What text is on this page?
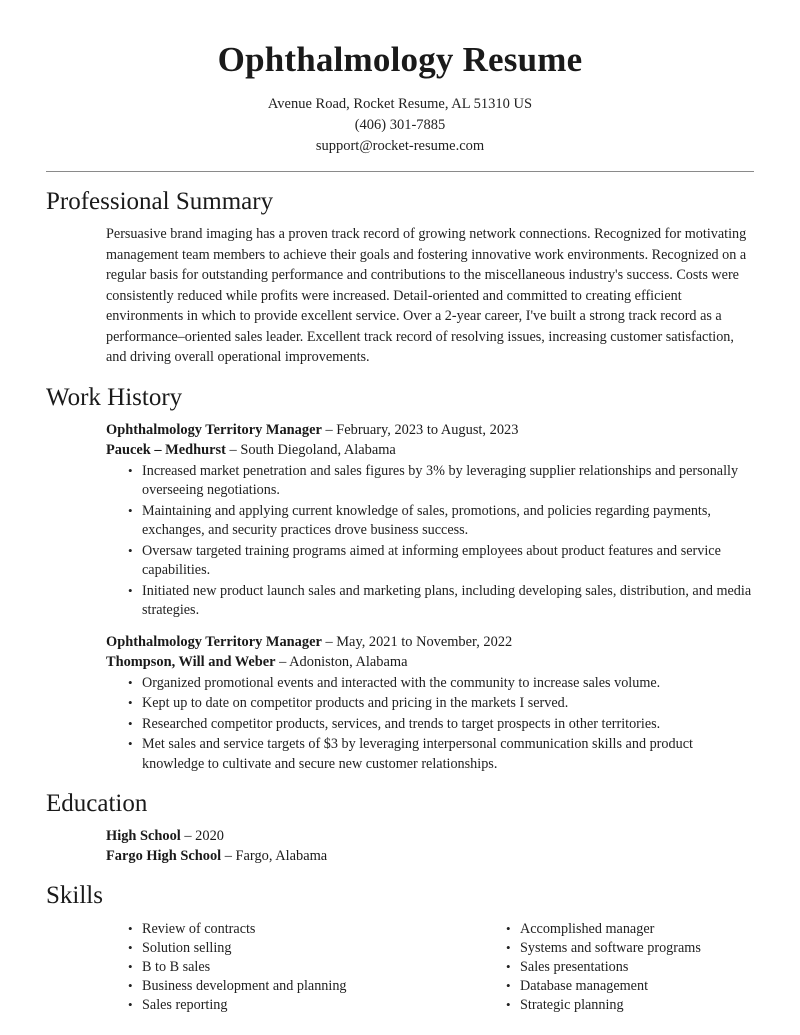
Ophthalmology Resume
Avenue Road, Rocket Resume, AL 51310 US
(406) 301-7885
support@rocket-resume.com
Professional Summary
Persuasive brand imaging has a proven track record of growing network connections. Recognized for motivating management team members to achieve their goals and fostering innovative work environments. Recognized on a regular basis for outstanding performance and contributions to the miscellaneous industry's success. Costs were consistently reduced while profits were increased. Detail-oriented and committed to creating efficient environments in which to provide excellent service. Over a 2-year career, I've built a strong track record as a performance–oriented sales leader. Excellent track record of resolving issues, increasing customer satisfaction, and driving overall operational improvements.
Work History
Ophthalmology Territory Manager – February, 2023 to August, 2023
Paucek – Medhurst – South Diegoland, Alabama
• Increased market penetration and sales figures by 3% by leveraging supplier relationships and personally overseeing negotiations.
• Maintaining and applying current knowledge of sales, promotions, and policies regarding payments, exchanges, and security practices drove business success.
• Oversaw targeted training programs aimed at informing employees about product features and service capabilities.
• Initiated new product launch sales and marketing plans, including developing sales, distribution, and media strategies.
Ophthalmology Territory Manager – May, 2021 to November, 2022
Thompson, Will and Weber – Adoniston, Alabama
• Organized promotional events and interacted with the community to increase sales volume.
• Kept up to date on competitor products and pricing in the markets I served.
• Researched competitor products, services, and trends to target prospects in other territories.
• Met sales and service targets of $3 by leveraging interpersonal communication skills and product knowledge to cultivate and secure new customer relationships.
Education
High School – 2020
Fargo High School – Fargo, Alabama
Skills
• Review of contracts
• Solution selling
• B to B sales
• Business development and planning
• Sales reporting
• Accomplished manager
• Systems and software programs
• Sales presentations
• Database management
• Strategic planning
